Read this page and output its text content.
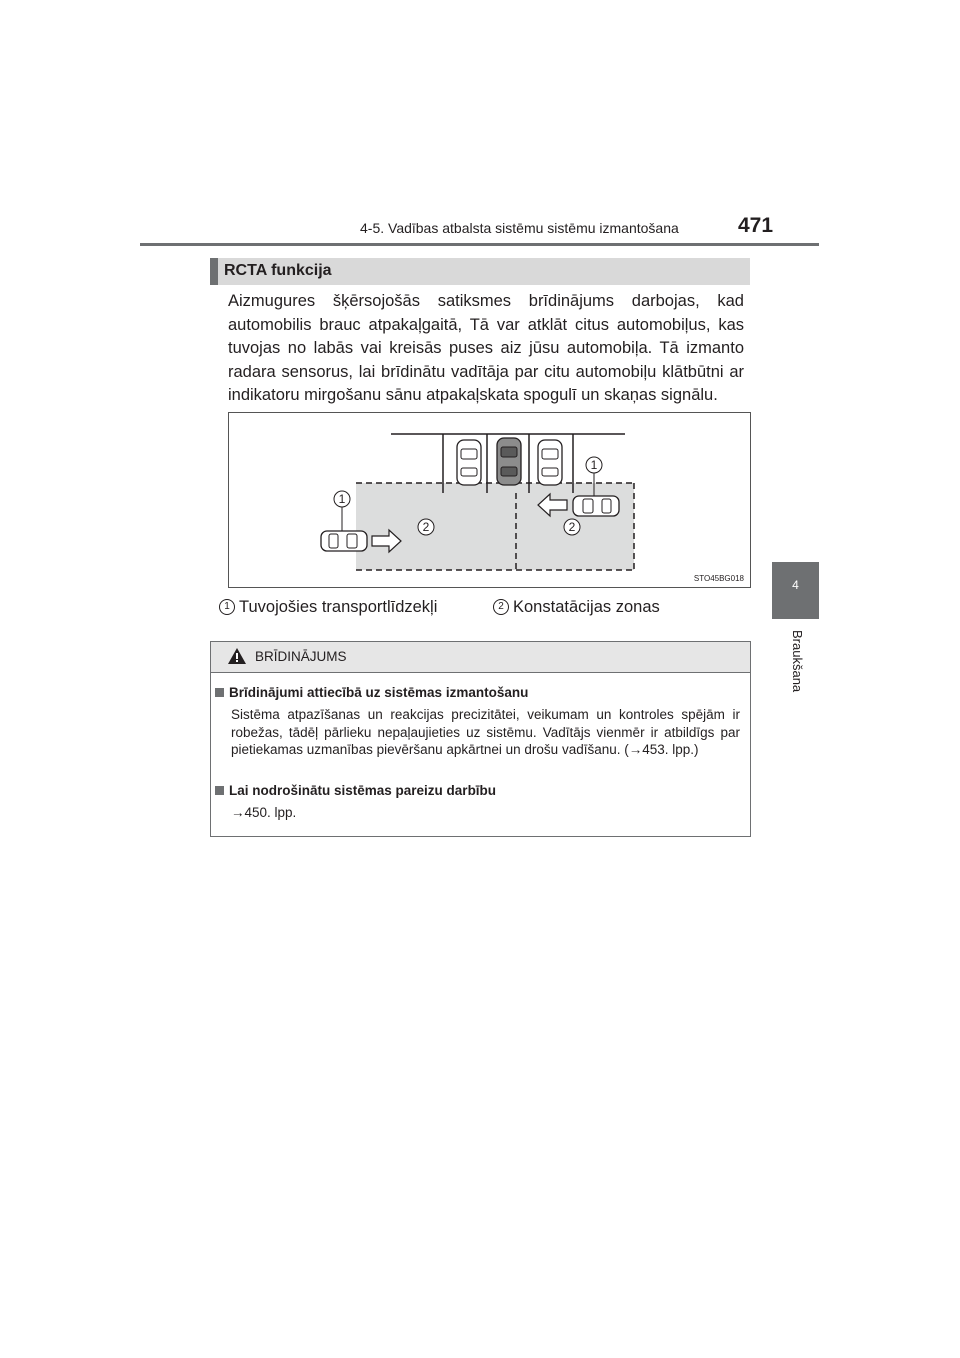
4-5. Vadības atbalsta sistēmu sistēmu izmantošana	471
4
Braukšana
RCTA funkcija
Aizmugures šķērsojošās satiksmes brīdinājums darbojas, kad automobilis brauc atpakaļgaitā, Tā var atklāt citus automobiļus, kas tuvojas no labās vai kreisās puses aiz jūsu automobiļa. Tā izmanto radara sensorus, lai brīdinātu vadītāja par citu automobiļu klātbūtni ar indikatoru mirgošanu sānu atpakaļskata spogulī un skaņas signālu.
1
1
2	2
STO45BG018
1 Tuvojošies transportlīdzekļi	2 Konstatācijas zonas
BRĪDINĀJUMS
Brīdinājumi attiecībā uz sistēmas izmantošanu
Sistēma atpazīšanas un reakcijas precizitātei, veikumam un kontroles spējām ir robežas, tādēļ pārlieku nepaļaujieties uz sistēmu. Vadītājs vienmēr ir atbildīgs par pietiekamas uzmanības pievēršanu apkārtnei un drošu vadīšanu. (→453. lpp.)
Lai nodrošinātu sistēmas pareizu darbību
→450. lpp.
